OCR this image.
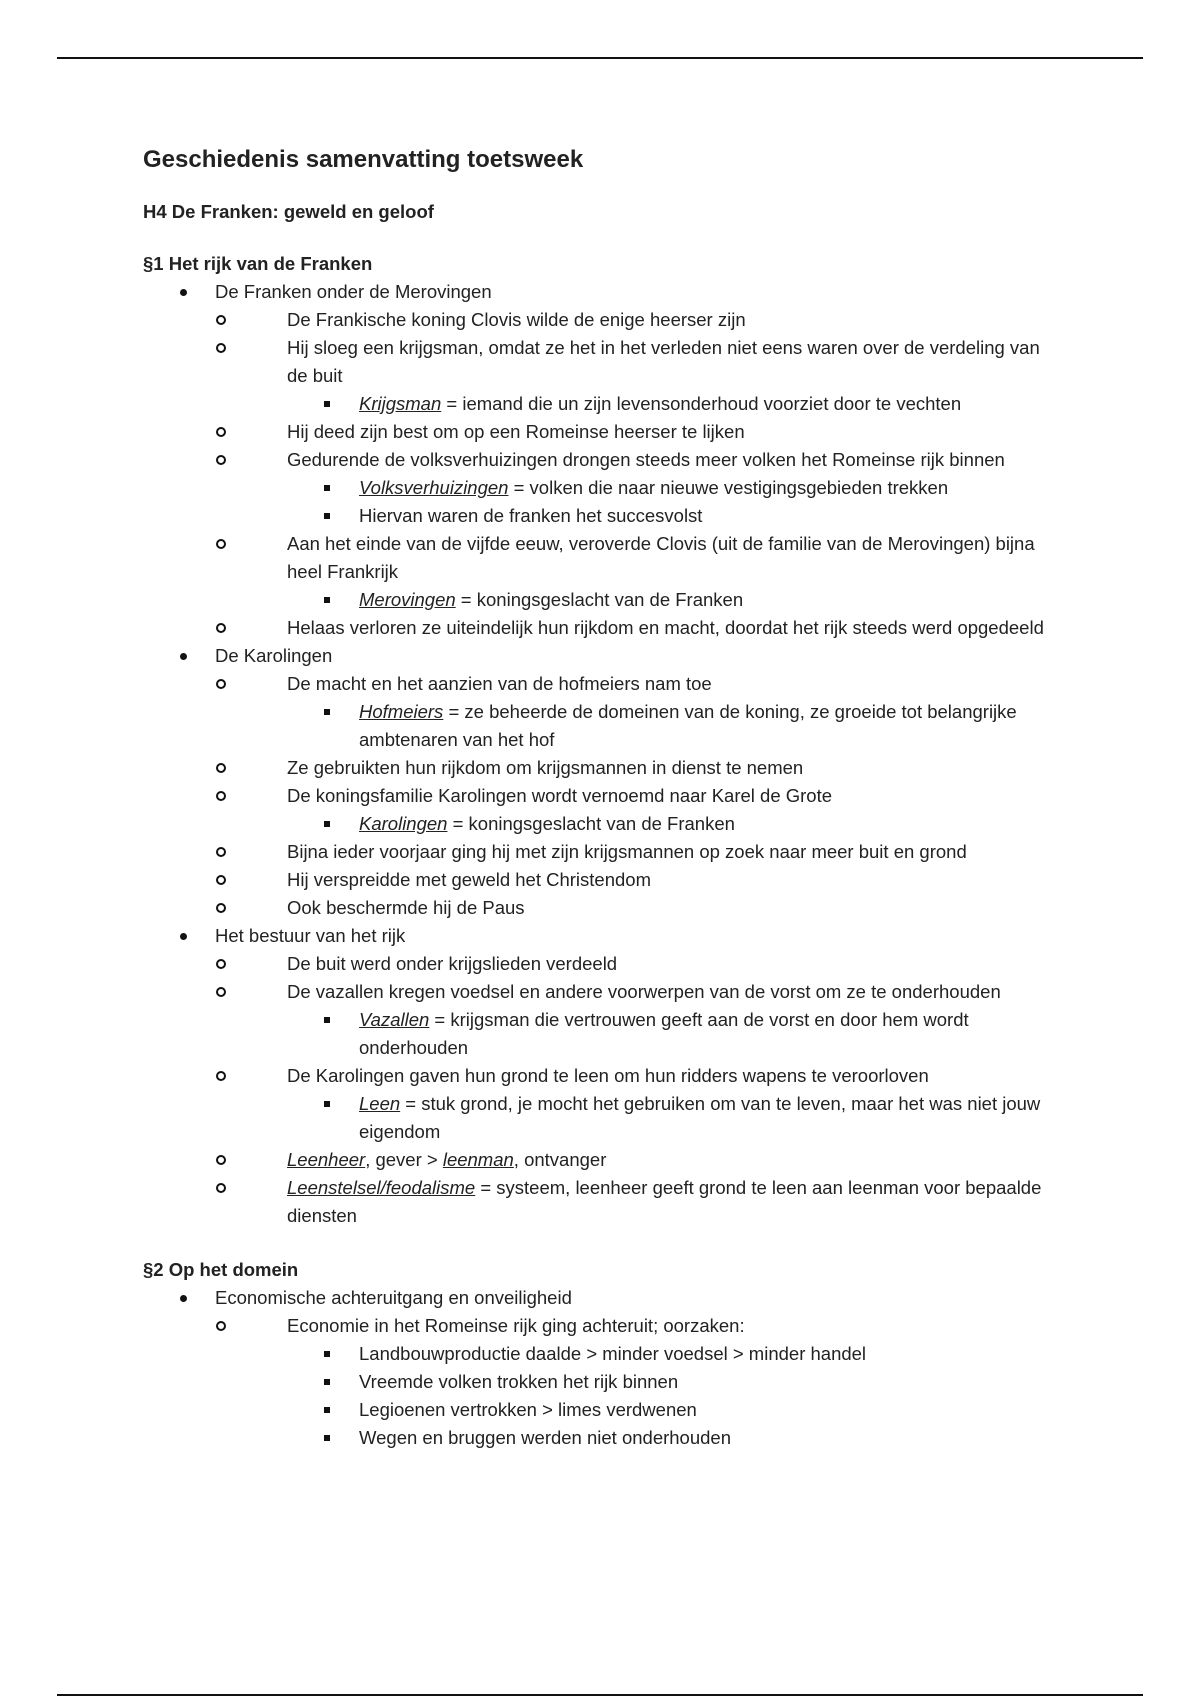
Geschiedenis samenvatting toetsweek
H4 De Franken: geweld en geloof
§1 Het rijk van de Franken
De Franken onder de Merovingen
De Frankische koning Clovis wilde de enige heerser zijn
Hij sloeg een krijgsman, omdat ze het in het verleden niet eens waren over de verdeling van de buit
Krijgsman = iemand die un zijn levensonderhoud voorziet door te vechten
Hij deed zijn best om op een Romeinse heerser te lijken
Gedurende de volksverhuizingen drongen steeds meer volken het Romeinse rijk binnen
Volksverhuizingen = volken die naar nieuwe vestigingsgebieden trekken
Hiervan waren de franken het succesvolst
Aan het einde van de vijfde eeuw, veroverde Clovis (uit de familie van de Merovingen) bijna heel Frankrijk
Merovingen = koningsgeslacht van de Franken
Helaas verloren ze uiteindelijk hun rijkdom en macht, doordat het rijk steeds werd opgedeeld
De Karolingen
De macht en het aanzien van de hofmeiers nam toe
Hofmeiers = ze beheerde de domeinen van de koning, ze groeide tot belangrijke ambtenaren van het hof
Ze gebruikten hun rijkdom om krijgsmannen in dienst te nemen
De koningsfamilie Karolingen wordt vernoemd naar Karel de Grote
Karolingen = koningsgeslacht van de Franken
Bijna ieder voorjaar ging hij met zijn krijgsmannen op zoek naar meer buit en grond
Hij verspreidde met geweld het Christendom
Ook beschermde hij de Paus
Het bestuur van het rijk
De buit werd onder krijgslieden verdeeld
De vazallen kregen voedsel en andere voorwerpen van de vorst om ze te onderhouden
Vazallen = krijgsman die vertrouwen geeft aan de vorst en door hem wordt onderhouden
De Karolingen gaven hun grond te leen om hun ridders wapens te veroorloven
Leen = stuk grond, je mocht het gebruiken om van te leven, maar het was niet jouw eigendom
Leenheer, gever > leenman, ontvanger
Leenstelsel/feodalisme = systeem, leenheer geeft grond te leen aan leenman voor bepaalde diensten
§2 Op het domein
Economische achteruitgang en onveiligheid
Economie in het Romeinse rijk ging achteruit; oorzaken:
Landbouwproductie daalde > minder voedsel > minder handel
Vreemde volken trokken het rijk binnen
Legioenen vertrokken > limes verdwenen
Wegen en bruggen werden niet onderhouden
